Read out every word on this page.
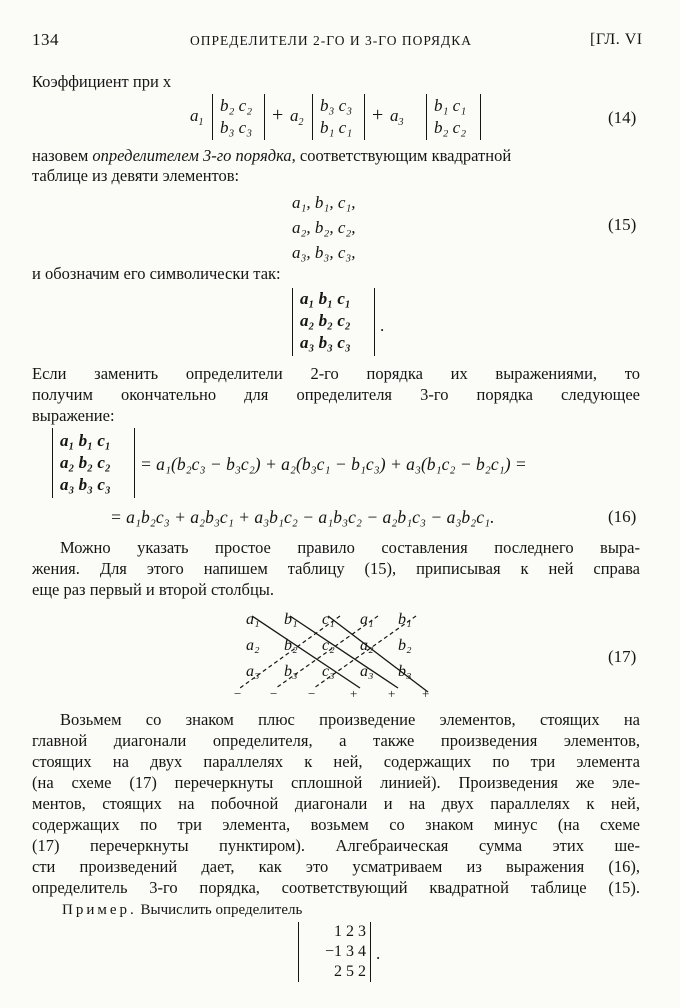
134	ОПРЕДЕЛИТЕЛИ 2-ГО И 3-ГО ПОРЯДКА	[ГЛ. VI
Коэффициент при x
$a_1$
b₂ c₂
b₃ c₃
+ $a_2$
b₃ c₃
b₁ c₁
+ $a_3$
b₁ c₁
b₂ c₂
(14)
назовем определителем 3-го порядка, соответствующим квадратной
таблице из девяти элементов:
a₁, b₁, c₁,
a₂, b₂, c₂,
a₃, b₃, c₃,
(15)
и обозначим его символически так:
a₁ b₁ c₁
a₂ b₂ c₂
a₃ b₃ c₃
.
Если заменить определители 2-го порядка их выражениями, то
получим окончательно для определителя 3-го порядка следующее
выражение:
a₁ b₁ c₁
a₂ b₂ c₂
a₃ b₃ c₃
= a₁(b₂c₃ − b₃c₂) + a₂(b₃c₁ − b₁c₃) + a₃(b₁c₂ − b₂c₁) =
= a₁b₂c₃ + a₂b₃c₁ + a₃b₁c₂ − a₁b₃c₂ − a₂b₁c₃ − a₃b₂c₁.	(16)
Можно указать простое правило составления последнего выра-
жения. Для этого напишем таблицу (15), приписывая к ней справа
еще раз первый и второй столбцы.
a₁ b₁ c₁ a₁ b₁
a₂ b₂ c₂ a₂ b₂
a₃ b₃ c₃ a₃ b₃
− − −	+ + +
(17)
Возьмем со знаком плюс произведение элементов, стоящих на
главной диагонали определителя, а также произведения элементов,
стоящих на двух параллелях к ней, содержащих по три элемента
(на схеме (17) перечеркнуты сплошной линией). Произведения же эле-
ментов, стоящих на побочной диагонали и на двух параллелях к ней,
содержащих по три элемента, возьмем со знаком минус (на схеме
(17) перечеркнуты пунктиром). Алгебраическая сумма этих ше-
сти произведений дает, как это усматриваем из выражения (16),
определитель 3-го порядка, соответствующий квадратной таблице (15).
Пример. Вычислить определитель
1 2 3
−1 3 4
2 5 2
.
